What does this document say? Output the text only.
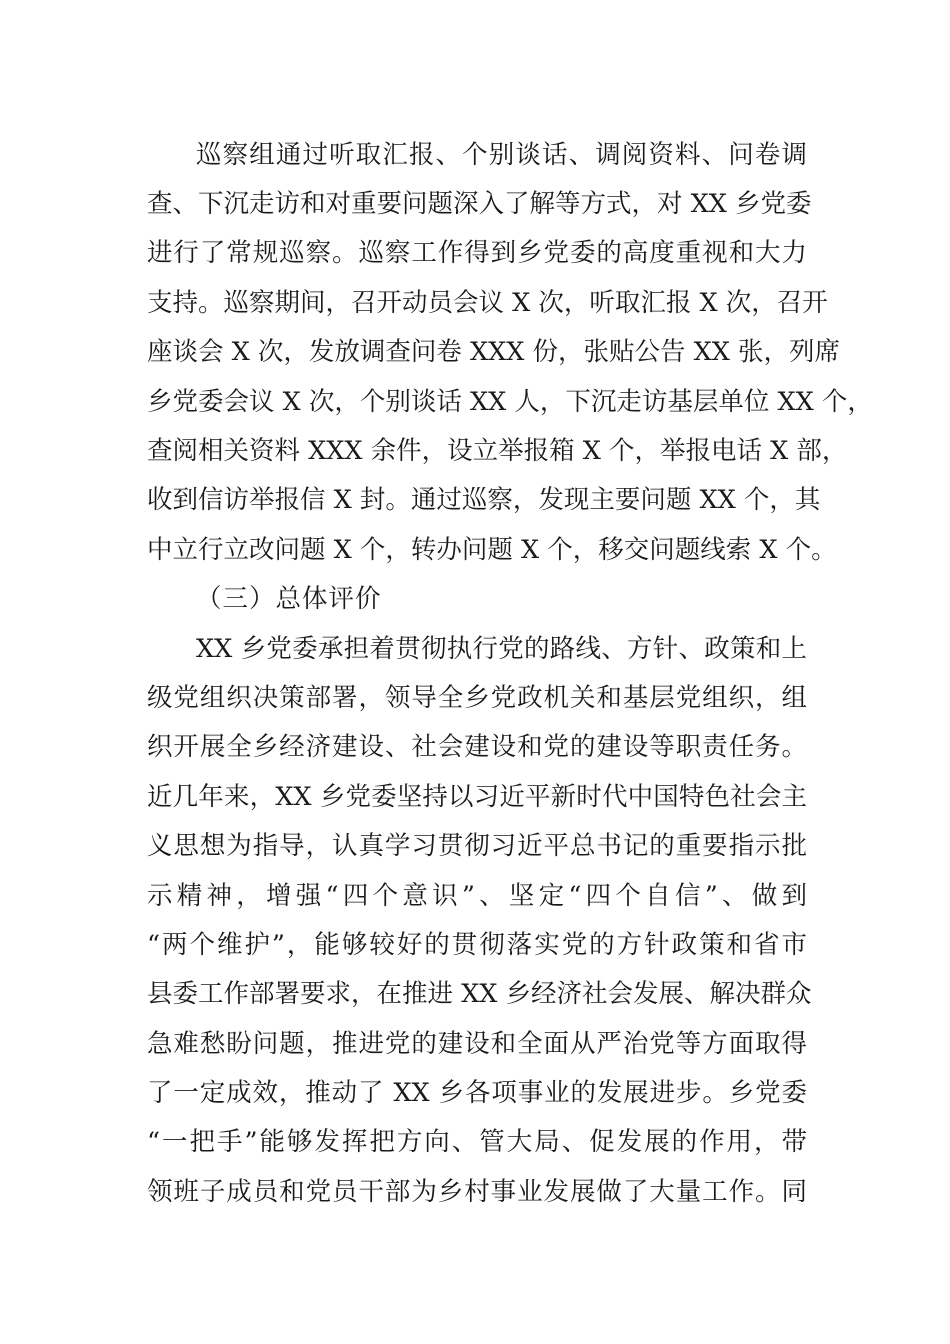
巡察组通过听取汇报、个别谈话、调阅资料、问卷调
查、下沉走访和对重要问题深入了解等方式，对 XX 乡党委
进行了常规巡察。巡察工作得到乡党委的高度重视和大力
支持。巡察期间，召开动员会议 X 次，听取汇报 X 次，召开
座谈会 X 次，发放调查问卷 XXX 份，张贴公告 XX 张，列席
乡党委会议 X 次，个别谈话 XX 人，下沉走访基层单位 XX 个，
查阅相关资料 XXX 余件，设立举报箱 X 个，举报电话 X 部，
收到信访举报信 X 封。通过巡察，发现主要问题 XX 个，其
中立行立改问题 X 个，转办问题 X 个，移交问题线索 X 个。
（三）总体评价
XX 乡党委承担着贯彻执行党的路线、方针、政策和上
级党组织决策部署，领导全乡党政机关和基层党组织，组
织开展全乡经济建设、社会建设和党的建设等职责任务。
近几年来，XX 乡党委坚持以习近平新时代中国特色社会主
义思想为指导，认真学习贯彻习近平总书记的重要指示批
示精神，增强“四个意识”、坚定“四个自信”、做到
“两个维护”，能够较好的贯彻落实党的方针政策和省市
县委工作部署要求，在推进 XX 乡经济社会发展、解决群众
急难愁盼问题，推进党的建设和全面从严治党等方面取得
了一定成效，推动了 XX 乡各项事业的发展进步。乡党委
“一把手”能够发挥把方向、管大局、促发展的作用，带
领班子成员和党员干部为乡村事业发展做了大量工作。同
